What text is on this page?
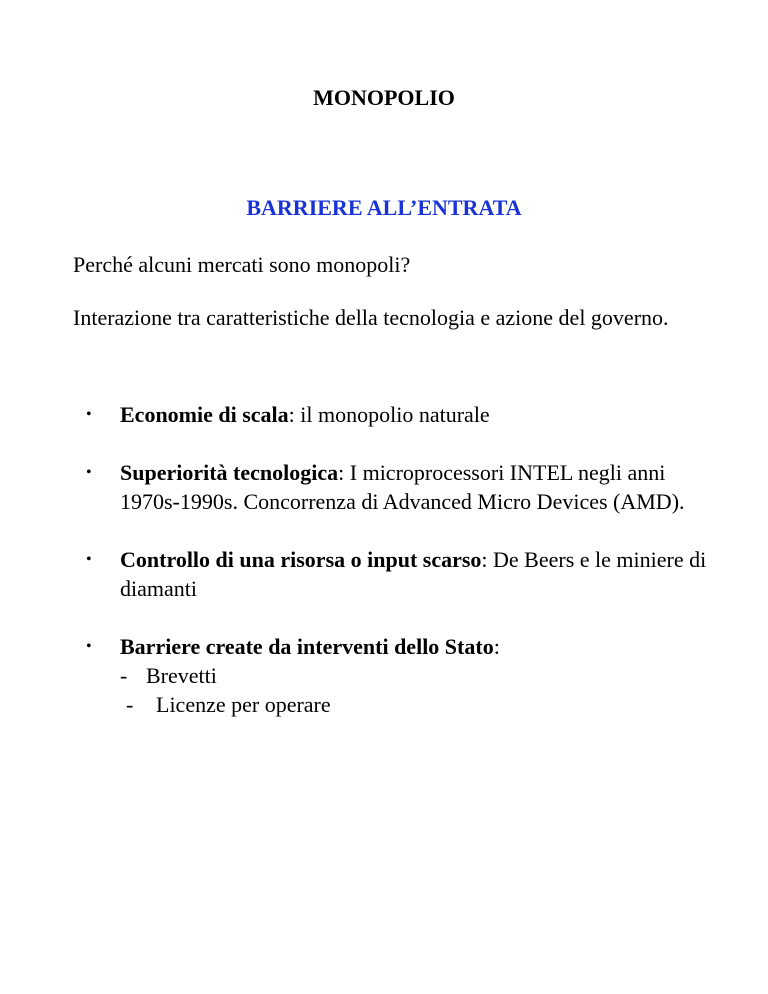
MONOPOLIO
BARRIERE ALL’ENTRATA
Perché alcuni mercati sono monopoli?
Interazione tra caratteristiche della tecnologia e azione del governo.
• Economie di scala: il monopolio naturale
• Superiorità tecnologica: I microprocessori INTEL negli anni 1970s-1990s. Concorrenza di Advanced Micro Devices (AMD).
• Controllo di una risorsa o input scarso: De Beers e le miniere di diamanti
• Barriere create da interventi dello Stato:
- Brevetti
- Licenze per operare
